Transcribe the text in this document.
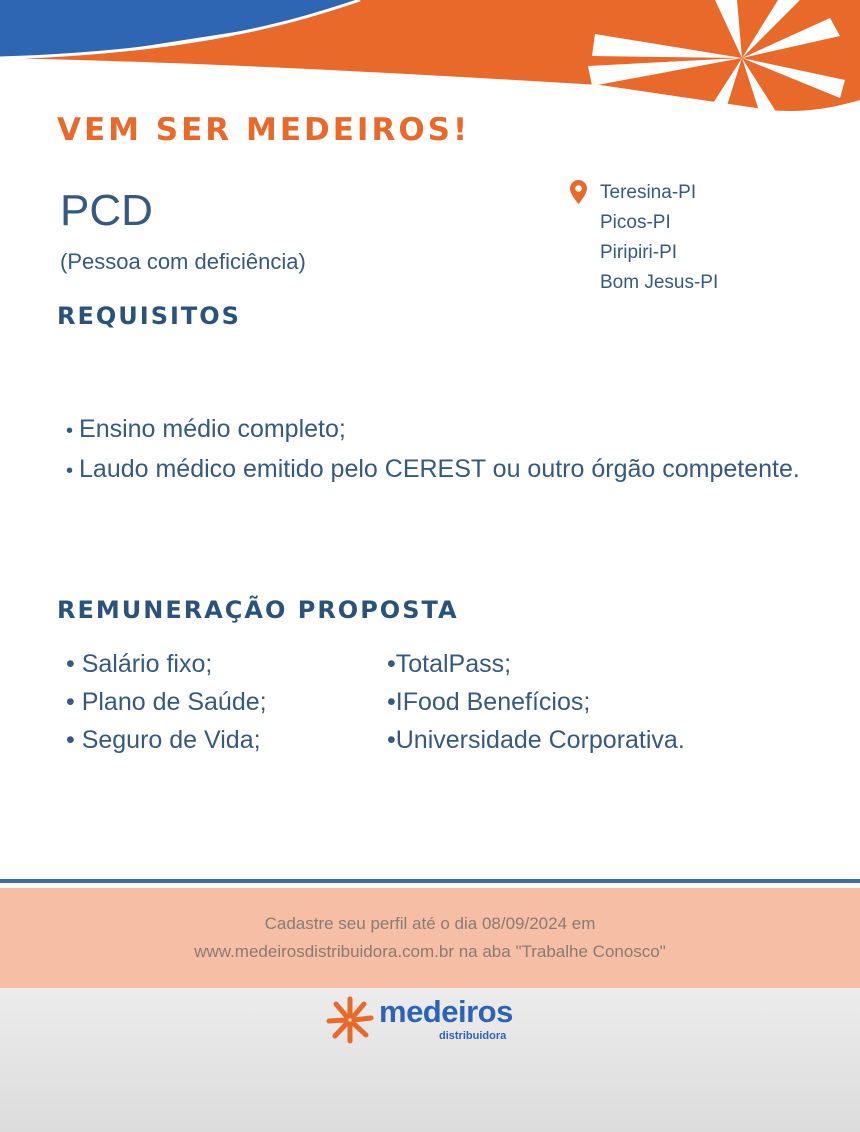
VEM SER MEDEIROS!
PCD
(Pessoa com deficiência)
Teresina-PI
Picos-PI
Piripiri-PI
Bom Jesus-PI
REQUISITOS
• Ensino médio completo;
• Laudo médico emitido pelo CEREST ou outro órgão competente.
REMUNERAÇÃO PROPOSTA
• Salário fixo;
• Plano de Saúde;
• Seguro de Vida;
•TotalPass;
•IFood Benefícios;
•Universidade Corporativa.
Cadastre seu perfil até o dia 08/09/2024 em
www.medeirosdistribuidora.com.br na aba "Trabalhe Conosco"
medeiros
distribuidora
